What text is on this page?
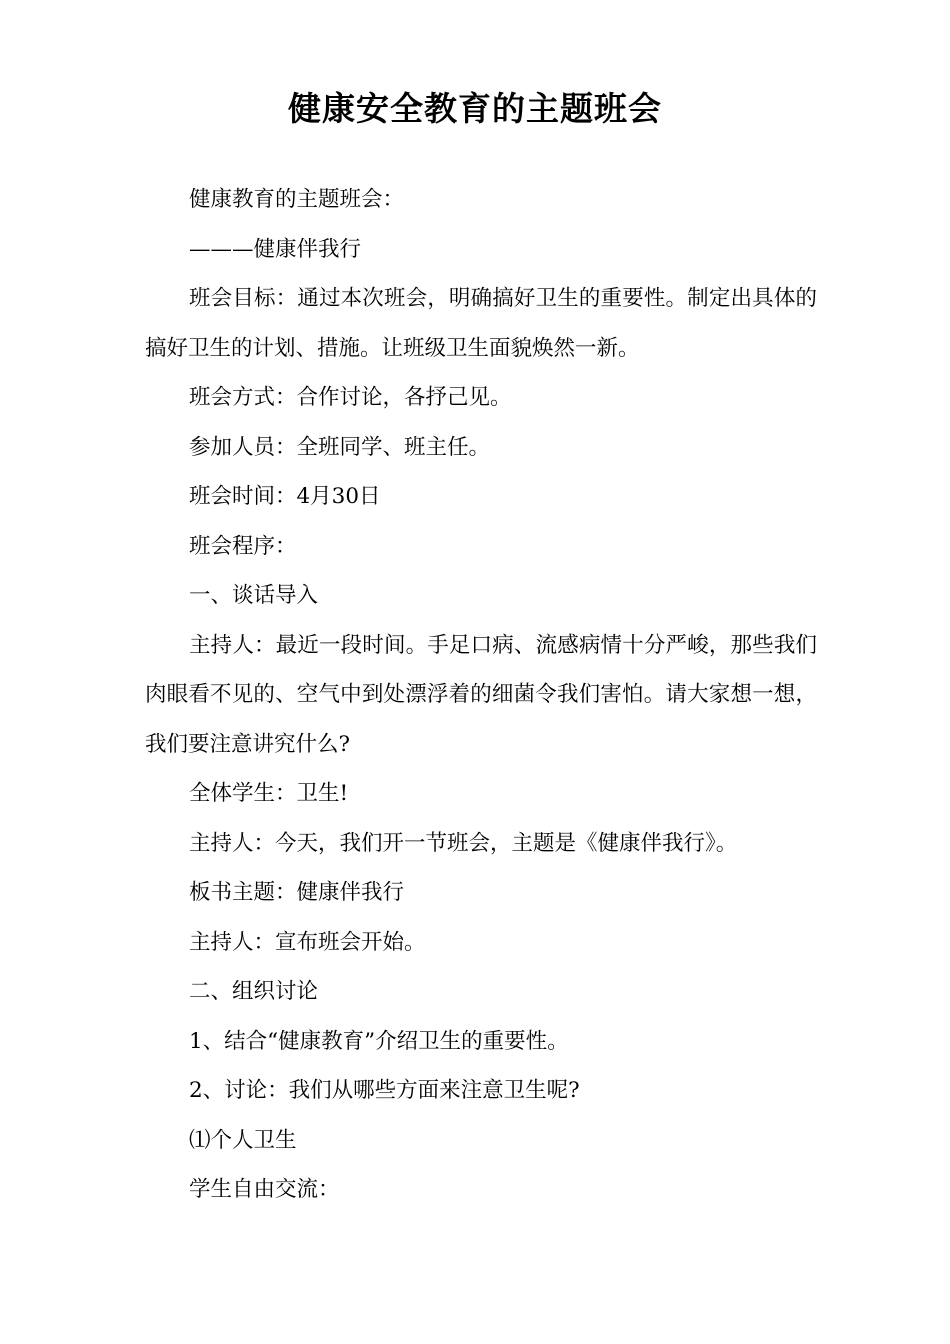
健康安全教育的主题班会

健康教育的主题班会：

———健康伴我行

班会目标：通过本次班会，明确搞好卫生的重要性。制定出具体的搞好卫生的计划、措施。让班级卫生面貌焕然一新。

班会方式：合作讨论，各抒己见。

参加人员：全班同学、班主任。

班会时间：4月30日

班会程序：

一、谈话导入

主持人：最近一段时间。手足口病、流感病情十分严峻，那些我们肉眼看不见的、空气中到处漂浮着的细菌令我们害怕。请大家想一想，我们要注意讲究什么?

全体学生：卫生!

主持人：今天，我们开一节班会，主题是《健康伴我行》。

板书主题：健康伴我行

主持人：宣布班会开始。

二、组织讨论

1、结合“健康教育”介绍卫生的重要性。

2、讨论：我们从哪些方面来注意卫生呢?

⑴个人卫生

学生自由交流：
